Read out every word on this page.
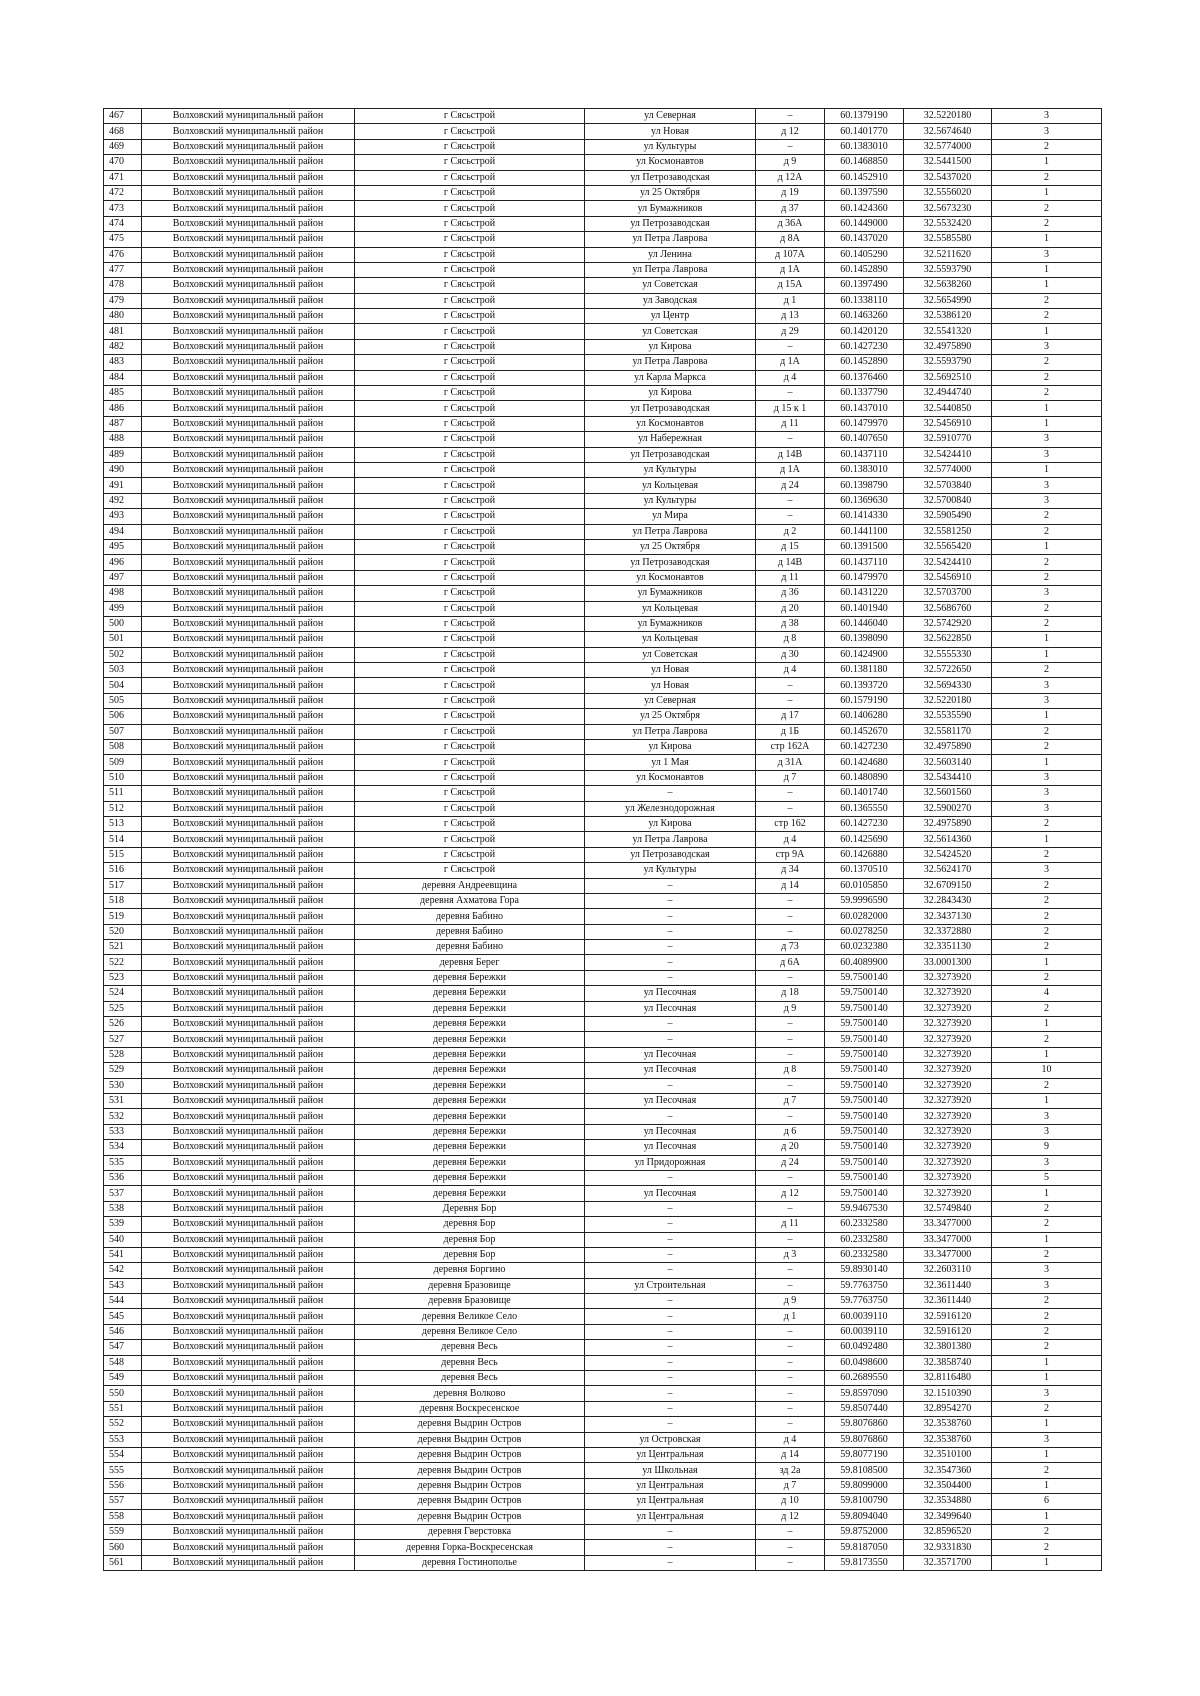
467	Волховский муниципальный район	г Сясьстрой	ул Северная	–	60.1379190	32.5220180	3
468	Волховский муниципальный район	г Сясьстрой	ул Новая	д 12	60.1401770	32.5674640	3
469	Волховский муниципальный район	г Сясьстрой	ул Культуры	–	60.1383010	32.5774000	2
470	Волховский муниципальный район	г Сясьстрой	ул Космонавтов	д 9	60.1468850	32.5441500	1
471	Волховский муниципальный район	г Сясьстрой	ул Петрозаводская	д 12А	60.1452910	32.5437020	2
472	Волховский муниципальный район	г Сясьстрой	ул 25 Октября	д 19	60.1397590	32.5556020	1
473	Волховский муниципальный район	г Сясьстрой	ул Бумажников	д 37	60.1424360	32.5673230	2
474	Волховский муниципальный район	г Сясьстрой	ул Петрозаводская	д 36А	60.1449000	32.5532420	2
475	Волховский муниципальный район	г Сясьстрой	ул Петра Лаврова	д 8А	60.1437020	32.5585580	1
476	Волховский муниципальный район	г Сясьстрой	ул Ленина	д 107А	60.1405290	32.5211620	3
477	Волховский муниципальный район	г Сясьстрой	ул Петра Лаврова	д 1А	60.1452890	32.5593790	1
478	Волховский муниципальный район	г Сясьстрой	ул Советская	д 15А	60.1397490	32.5638260	1
479	Волховский муниципальный район	г Сясьстрой	ул Заводская	д 1	60.1338110	32.5654990	2
480	Волховский муниципальный район	г Сясьстрой	ул Центр	д 13	60.1463260	32.5386120	2
481	Волховский муниципальный район	г Сясьстрой	ул Советская	д 29	60.1420120	32.5541320	1
482	Волховский муниципальный район	г Сясьстрой	ул Кирова	–	60.1427230	32.4975890	3
483	Волховский муниципальный район	г Сясьстрой	ул Петра Лаврова	д 1А	60.1452890	32.5593790	2
484	Волховский муниципальный район	г Сясьстрой	ул Карла Маркса	д 4	60.1376460	32.5692510	2
485	Волховский муниципальный район	г Сясьстрой	ул Кирова	–	60.1337790	32.4944740	2
486	Волховский муниципальный район	г Сясьстрой	ул Петрозаводская	д 15 к 1	60.1437010	32.5440850	1
487	Волховский муниципальный район	г Сясьстрой	ул Космонавтов	д 11	60.1479970	32.5456910	1
488	Волховский муниципальный район	г Сясьстрой	ул Набережная	–	60.1407650	32.5910770	3
489	Волховский муниципальный район	г Сясьстрой	ул Петрозаводская	д 14В	60.1437110	32.5424410	3
490	Волховский муниципальный район	г Сясьстрой	ул Культуры	д 1А	60.1383010	32.5774000	1
491	Волховский муниципальный район	г Сясьстрой	ул Кольцевая	д 24	60.1398790	32.5703840	3
492	Волховский муниципальный район	г Сясьстрой	ул Культуры	–	60.1369630	32.5700840	3
493	Волховский муниципальный район	г Сясьстрой	ул Мира	–	60.1414330	32.5905490	2
494	Волховский муниципальный район	г Сясьстрой	ул Петра Лаврова	д 2	60.1441100	32.5581250	2
495	Волховский муниципальный район	г Сясьстрой	ул 25 Октября	д 15	60.1391500	32.5565420	1
496	Волховский муниципальный район	г Сясьстрой	ул Петрозаводская	д 14В	60.1437110	32.5424410	2
497	Волховский муниципальный район	г Сясьстрой	ул Космонавтов	д 11	60.1479970	32.5456910	2
498	Волховский муниципальный район	г Сясьстрой	ул Бумажников	д 36	60.1431220	32.5703700	3
499	Волховский муниципальный район	г Сясьстрой	ул Кольцевая	д 20	60.1401940	32.5686760	2
500	Волховский муниципальный район	г Сясьстрой	ул Бумажников	д 38	60.1446040	32.5742920	2
501	Волховский муниципальный район	г Сясьстрой	ул Кольцевая	д 8	60.1398090	32.5622850	1
502	Волховский муниципальный район	г Сясьстрой	ул Советская	д 30	60.1424900	32.5555330	1
503	Волховский муниципальный район	г Сясьстрой	ул Новая	д 4	60.1381180	32.5722650	2
504	Волховский муниципальный район	г Сясьстрой	ул Новая	–	60.1393720	32.5694330	3
505	Волховский муниципальный район	г Сясьстрой	ул Северная	–	60.1579190	32.5220180	3
506	Волховский муниципальный район	г Сясьстрой	ул 25 Октября	д 17	60.1406280	32.5535590	1
507	Волховский муниципальный район	г Сясьстрой	ул Петра Лаврова	д 1Б	60.1452670	32.5581170	2
508	Волховский муниципальный район	г Сясьстрой	ул Кирова	стр 162А	60.1427230	32.4975890	2
509	Волховский муниципальный район	г Сясьстрой	ул 1 Мая	д 31А	60.1424680	32.5603140	1
510	Волховский муниципальный район	г Сясьстрой	ул Космонавтов	д 7	60.1480890	32.5434410	3
511	Волховский муниципальный район	г Сясьстрой	–	–	60.1401740	32.5601560	3
512	Волховский муниципальный район	г Сясьстрой	ул Железнодорожная	–	60.1365550	32.5900270	3
513	Волховский муниципальный район	г Сясьстрой	ул Кирова	стр 162	60.1427230	32.4975890	2
514	Волховский муниципальный район	г Сясьстрой	ул Петра Лаврова	д 4	60.1425690	32.5614360	1
515	Волховский муниципальный район	г Сясьстрой	ул Петрозаводская	стр 9А	60.1426880	32.5424520	2
516	Волховский муниципальный район	г Сясьстрой	ул Культуры	д 34	60.1370510	32.5624170	3
517	Волховский муниципальный район	деревня Андреевщина	–	д 14	60.0105850	32.6709150	2
518	Волховский муниципальный район	деревня Ахматова Гора	–	–	59.9996590	32.2843430	2
519	Волховский муниципальный район	деревня Бабино	–	–	60.0282000	32.3437130	2
520	Волховский муниципальный район	деревня Бабино	–	–	60.0278250	32.3372880	2
521	Волховский муниципальный район	деревня Бабино	–	д 73	60.0232380	32.3351130	2
522	Волховский муниципальный район	деревня Берег	–	д 6А	60.4089900	33.0001300	1
523	Волховский муниципальный район	деревня Бережки	–	–	59.7500140	32.3273920	2
524	Волховский муниципальный район	деревня Бережки	ул Песочная	д 18	59.7500140	32.3273920	4
525	Волховский муниципальный район	деревня Бережки	ул Песочная	д 9	59.7500140	32.3273920	2
526	Волховский муниципальный район	деревня Бережки	–	–	59.7500140	32.3273920	1
527	Волховский муниципальный район	деревня Бережки	–	–	59.7500140	32.3273920	2
528	Волховский муниципальный район	деревня Бережки	ул Песочная	–	59.7500140	32.3273920	1
529	Волховский муниципальный район	деревня Бережки	ул Песочная	д 8	59.7500140	32.3273920	10
530	Волховский муниципальный район	деревня Бережки	–	–	59.7500140	32.3273920	2
531	Волховский муниципальный район	деревня Бережки	ул Песочная	д 7	59.7500140	32.3273920	1
532	Волховский муниципальный район	деревня Бережки	–	–	59.7500140	32.3273920	3
533	Волховский муниципальный район	деревня Бережки	ул Песочная	д 6	59.7500140	32.3273920	3
534	Волховский муниципальный район	деревня Бережки	ул Песочная	д 20	59.7500140	32.3273920	9
535	Волховский муниципальный район	деревня Бережки	ул Придорожная	д 24	59.7500140	32.3273920	3
536	Волховский муниципальный район	деревня Бережки	–	–	59.7500140	32.3273920	5
537	Волховский муниципальный район	деревня Бережки	ул Песочная	д 12	59.7500140	32.3273920	1
538	Волховский муниципальный район	Деревня Бор	–	–	59.9467530	32.5749840	2
539	Волховский муниципальный район	деревня Бор	–	д 11	60.2332580	33.3477000	2
540	Волховский муниципальный район	деревня Бор	–	–	60.2332580	33.3477000	1
541	Волховский муниципальный район	деревня Бор	–	д 3	60.2332580	33.3477000	2
542	Волховский муниципальный район	деревня Боргино	–	–	59.8930140	32.2603110	3
543	Волховский муниципальный район	деревня Бразовище	ул Строительная	–	59.7763750	32.3611440	3
544	Волховский муниципальный район	деревня Бразовище	–	д 9	59.7763750	32.3611440	2
545	Волховский муниципальный район	деревня Великое Село	–	д 1	60.0039110	32.5916120	2
546	Волховский муниципальный район	деревня Великое Село	–	–	60.0039110	32.5916120	2
547	Волховский муниципальный район	деревня Весь	–	–	60.0492480	32.3801380	2
548	Волховский муниципальный район	деревня Весь	–	–	60.0498600	32.3858740	1
549	Волховский муниципальный район	деревня Весь	–	–	60.2689550	32.8116480	1
550	Волховский муниципальный район	деревня Волково	–	–	59.8597090	32.1510390	3
551	Волховский муниципальный район	деревня Воскресенское	–	–	59.8507440	32.8954270	2
552	Волховский муниципальный район	деревня Выдрин Остров	–	–	59.8076860	32.3538760	1
553	Волховский муниципальный район	деревня Выдрин Остров	ул Островская	д 4	59.8076860	32.3538760	3
554	Волховский муниципальный район	деревня Выдрин Остров	ул Центральная	д 14	59.8077190	32.3510100	1
555	Волховский муниципальный район	деревня Выдрин Остров	ул Школьная	зд 2а	59.8108500	32.3547360	2
556	Волховский муниципальный район	деревня Выдрин Остров	ул Центральная	д 7	59.8099000	32.3504400	1
557	Волховский муниципальный район	деревня Выдрин Остров	ул Центральная	д 10	59.8100790	32.3534880	6
558	Волховский муниципальный район	деревня Выдрин Остров	ул Центральная	д 12	59.8094040	32.3499640	1
559	Волховский муниципальный район	деревня Гверстовка	–	–	59.8752000	32.8596520	2
560	Волховский муниципальный район	деревня Горка-Воскресенская	–	–	59.8187050	32.9331830	2
561	Волховский муниципальный район	деревня Гостинополье	–	–	59.8173550	32.3571700	1
